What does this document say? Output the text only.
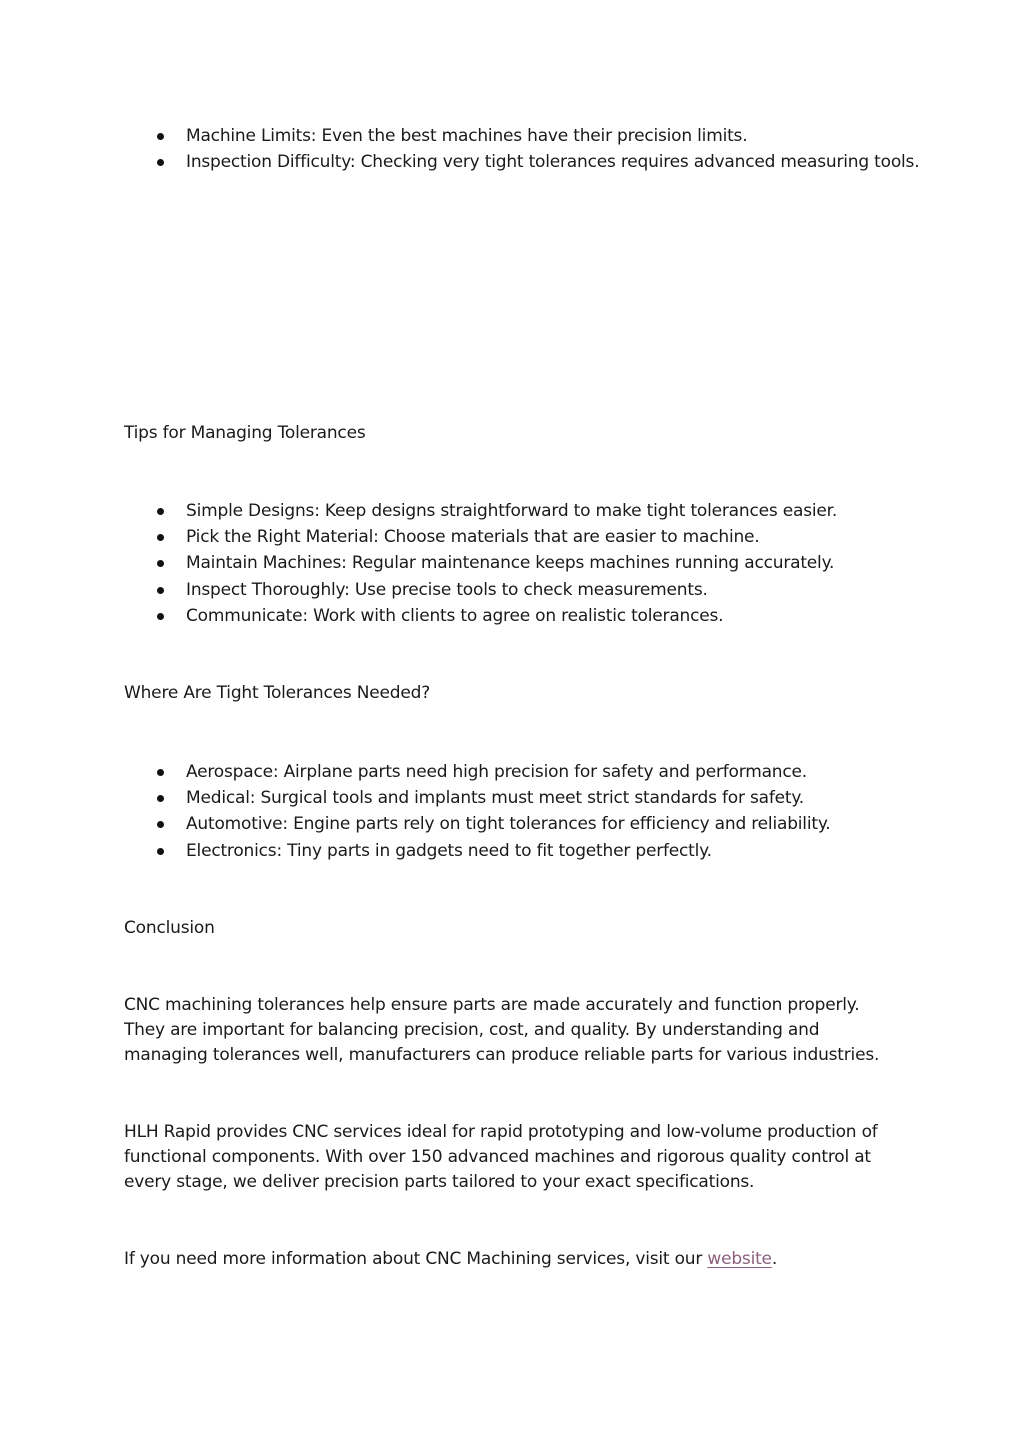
Machine Limits: Even the best machines have their precision limits.
Inspection Difficulty: Checking very tight tolerances requires advanced measuring tools.
Tips for Managing Tolerances
Simple Designs: Keep designs straightforward to make tight tolerances easier.
Pick the Right Material: Choose materials that are easier to machine.
Maintain Machines: Regular maintenance keeps machines running accurately.
Inspect Thoroughly: Use precise tools to check measurements.
Communicate: Work with clients to agree on realistic tolerances.
Where Are Tight Tolerances Needed?
Aerospace: Airplane parts need high precision for safety and performance.
Medical: Surgical tools and implants must meet strict standards for safety.
Automotive: Engine parts rely on tight tolerances for efficiency and reliability.
Electronics: Tiny parts in gadgets need to fit together perfectly.
Conclusion

CNC machining tolerances help ensure parts are made accurately and function properly. They are important for balancing precision, cost, and quality. By understanding and managing tolerances well, manufacturers can produce reliable parts for various industries.

HLH Rapid provides CNC services ideal for rapid prototyping and low-volume production of functional components. With over 150 advanced machines and rigorous quality control at every stage, we deliver precision parts tailored to your exact specifications.

If you need more information about CNC Machining services, visit our website.
